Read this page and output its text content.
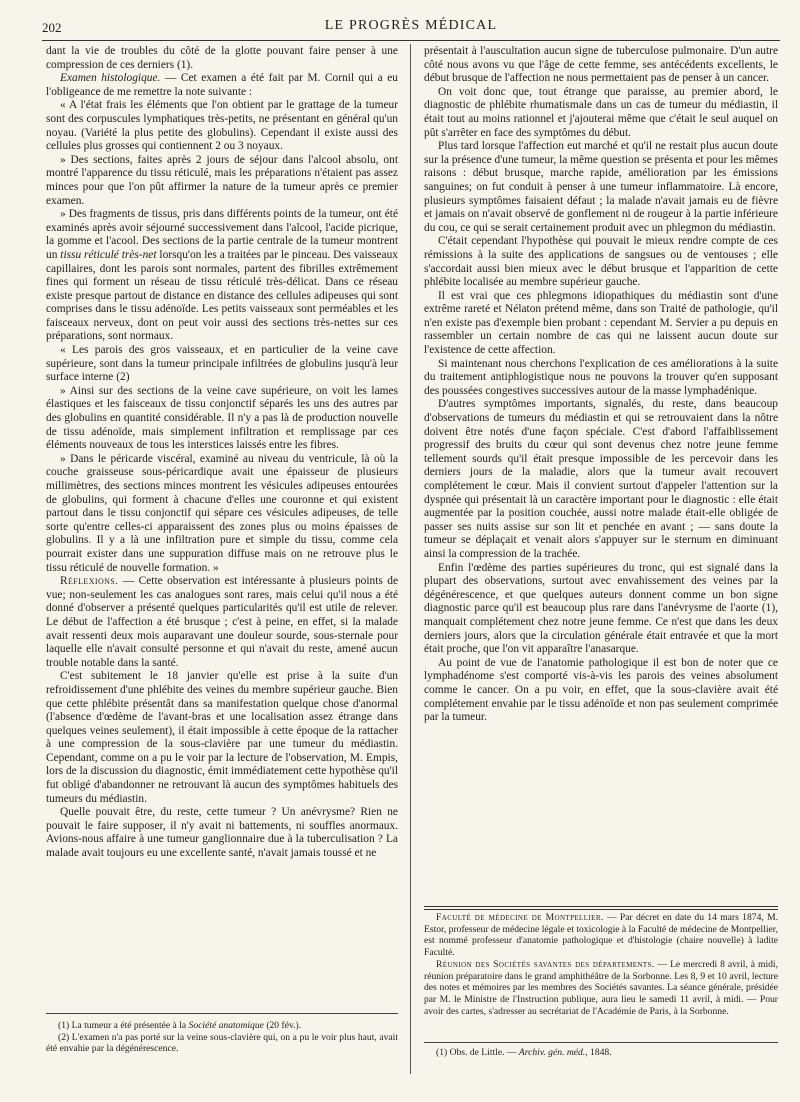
202	LE PROGRÈS MÉDICAL

dant la vie de troubles du côté de la glotte pouvant faire penser à une compression de ces derniers (1).

Examen histologique. — Cet examen a été fait par M. Cornil qui a eu l'obligeance de me remettre la note suivante :

« A l'état frais les éléments que l'on obtient par le grattage de la tumeur sont des corpuscules lymphatiques très-petits, ne présentant en général qu'un noyau. (Variété la plus petite des globulins). Cependant il existe aussi des cellules plus grosses qui contiennent 2 ou 3 noyaux.

» Des sections, faites après 2 jours de séjour dans l'alcool absolu, ont montré l'apparence du tissu réticulé, mais les préparations n'étaient pas assez minces pour que l'on pût affirmer la nature de la tumeur après ce premier examen.

» Des fragments de tissus, pris dans différents points de la tumeur, ont été examinés après avoir séjourné successivement dans l'alcool, l'acide picrique, la gomme et l'acool. Des sections de la partie centrale de la tumeur montrent un tissu réticulé très-net lorsqu'on les a traitées par le pinceau. Des vaisseaux capillaires, dont les parois sont normales, partent des fibrilles extrêmement fines qui forment un réseau de tissu réticulé très-délicat. Dans ce réseau existe presque partout de distance en distance des cellules adipeuses qui sont comprises dans le tissu adénoïde. Les petits vaisseaux sont perméables et les faisceaux nerveux, dont on peut voir aussi des sections très-nettes sur ces préparations, sont normaux.

« Les parois des gros vaisseaux, et en particulier de la veine cave supérieure, sont dans la tumeur principale infiltrées de globulins jusqu'à leur surface interne (2)

» Ainsi sur des sections de la veine cave supérieure, on voit les lames élastiques et les faisceaux de tissu conjonctif séparés les uns des autres par des globulins en quantité considérable. Il n'y a pas là de production nouvelle de tissu adénoïde, mais simplement infiltration et remplissage par ces éléments nouveaux de tous les interstices laissés entre les fibres.

» Dans le péricarde viscéral, examiné au niveau du ventricule, là où la couche graisseuse sous-péricardique avait une épaisseur de plusieurs millimètres, des sections minces montrent les vésicules adipeuses entourées de globulins, qui forment à chacune d'elles une couronne et qui existent partout dans le tissu conjonctif qui sépare ces vésicules adipeuses, de telle sorte qu'entre celles-ci apparaissent des zones plus ou moins épaisses de globulins. Il y a là une infiltration pure et simple du tissu, comme cela pourrait exister dans une suppuration diffuse mais on ne retrouve plus le tissu réticulé de nouvelle formation. »

Réflexions. — Cette observation est intéressante à plusieurs points de vue; non-seulement les cas analogues sont rares, mais celui qu'il nous a été donné d'observer a présenté quelques particularités qu'il est utile de relever. Le début de l'affection a été brusque ; c'est à peine, en effet, si la malade avait ressenti deux mois auparavant une douleur sourde, sous-sternale pour laquelle elle n'avait consulté personne et qui n'avait du reste, amené aucun trouble notable dans la santé.

C'est subitement le 18 janvier qu'elle est prise à la suite d'un refroidissement d'une phlébite des veines du membre supérieur gauche. Bien que cette phlébite présentât dans sa manifestation quelque chose d'anormal (l'absence d'œdème de l'avant-bras et une localisation assez étrange dans quelques veines seulement), il était impossible à cette époque de la rattacher à une compression de la sous-clavière par une tumeur du médiastin. Cependant, comme on a pu le voir par la lecture de l'observation, M. Empis, lors de la discussion du diagnostic, émit immédiatement cette hypothèse qu'il fut obligé d'abandonner ne retrouvant là aucun des symptômes habituels des tumeurs du médiastin.

Quelle pouvait être, du reste, cette tumeur ? Un anévrysme? Rien ne pouvait le faire supposer, il n'y avait ni battements, ni souffles anormaux. Avions-nous affaire à une tumeur ganglionnaire due à la tuberculisation ? La malade avait toujours eu une excellente santé, n'avait jamais toussé et ne

(1) La tumeur a été présentée à la Société anatomique (20 fév.).

(2) L'examen n'a pas porté sur la veine sous-clavière qui, on a pu le voir plus haut, avait été envahie par la dégénérescence.

présentait à l'auscultation aucun signe de tuberculose pulmonaire. D'un autre côté nous avons vu que l'âge de cette femme, ses antécédents excellents, le début brusque de l'affection ne nous permettaient pas de penser à un cancer.

On voit donc que, tout étrange que paraisse, au premier abord, le diagnostic de phlébite rhumatismale dans un cas de tumeur du médiastin, il était tout au moins rationnel et j'ajouterai même que c'était le seul auquel on pût s'arrêter en face des symptômes du début.

Plus tard lorsque l'affection eut marché et qu'il ne restait plus aucun doute sur la présence d'une tumeur, la même question se présenta et pour les mêmes raisons : début brusque, marche rapide, amélioration par les émissions sanguines; on fut conduit à penser à une tumeur inflammatoire. Là encore, plusieurs symptômes faisaient défaut ; la malade n'avait jamais eu de fièvre et jamais on n'avait observé de gonflement ni de rougeur à la partie inférieure du cou, ce qui se serait certainement produit avec un phlegmon du médiastin.

C'était cependant l'hypothèse qui pouvait le mieux rendre compte de ces rémissions à la suite des applications de sangsues ou de ventouses ; elle s'accordait aussi bien mieux avec le début brusque et l'apparition de cette phlébite localisée au membre supérieur gauche.

Il est vrai que ces phlegmons idiopathiques du médiastin sont d'une extrême rareté et Nélaton prétend même, dans son Traité de pathologie, qu'il n'en existe pas d'exemple bien probant : cependant M. Servier a pu depuis en rassembler un certain nombre de cas qui ne laissent aucun doute sur l'existence de cette affection.

Si maintenant nous cherchons l'explication de ces améliorations à la suite du traitement antiphlogistique nous ne pouvons la trouver qu'en supposant des poussées congestives successives autour de la masse lymphadénique.

D'autres symptômes importants, signalés, du reste, dans beaucoup d'observations de tumeurs du médiastin et qui se retrouvaient dans la nôtre doivent être notés d'une façon spéciale. C'est d'abord l'affaiblissement progressif des bruits du cœur qui sont devenus chez notre jeune femme tellement sourds qu'il était presque impossible de les percevoir dans les derniers jours de la maladie, alors que la tumeur avait recouvert complétement le cœur. Mais il convient surtout d'appeler l'attention sur la dyspnée qui présentait là un caractère important pour le diagnostic : elle était augmentée par la position couchée, aussi notre malade était-elle obligée de passer ses nuits assise sur son lit et penchée en avant ; — sans doute la tumeur se déplaçait et venait alors s'appuyer sur le sternum en diminuant ainsi la compression de la trachée.

Enfin l'œdème des parties supérieures du tronc, qui est signalé dans la plupart des observations, surtout avec envahissement des veines par la dégénérescence, et que quelques auteurs donnent comme un bon signe diagnostic parce qu'il est beaucoup plus rare dans l'anévrysme de l'aorte (1), manquait complétement chez notre jeune femme. Ce n'est que dans les deux derniers jours, alors que la circulation générale était entravée et que la mort était proche, que l'on vit apparaître l'anasarque.

Au point de vue de l'anatomie pathologique il est bon de noter que ce lymphadénome s'est comporté vis-à-vis les parois des veines absolument comme le cancer. On a pu voir, en effet, que la sous-clavière avait été complétement envahie par le tissu adénoïde et non pas seulement comprimée par la tumeur.

Faculté de médecine de Montpellier. — Par décret en date du 14 mars 1874, M. Estor, professeur de médecine légale et toxicologie à la Faculté de médecine de Montpellier, est nommé professeur d'anatomie pathologique et d'histologie (chaire nouvelle) à ladite Faculté.

Réunion des Sociétés savantes des départements. — Le mercredi 8 avril, à midi, réunion préparatoire dans le grand amphithéâtre de la Sorbonne. Les 8, 9 et 10 avril, lecture des notes et mémoires par les membres des Sociétés savantes. La séance générale, présidée par M. le Ministre de l'Instruction publique, aura lieu le samedi 11 avril, à midi. — Pour avoir des cartes, s'adresser au secrétariat de l'Académie de Paris, à la Sorbonne.

(1) Obs. de Little. — Archiv. gén. méd., 1848.
